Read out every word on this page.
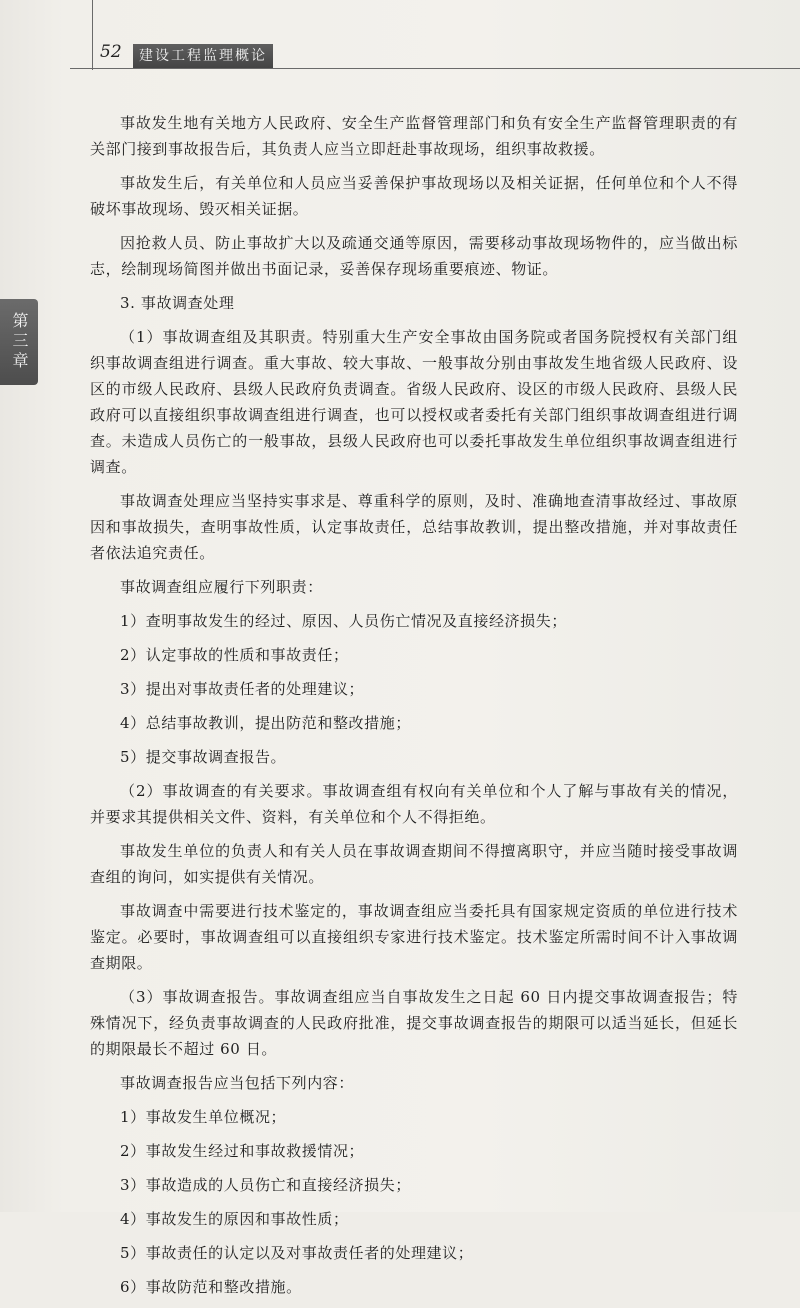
52	建设工程监理概论
第三章

事故发生地有关地方人民政府、安全生产监督管理部门和负有安全生产监督管理职责的有关部门接到事故报告后，其负责人应当立即赶赴事故现场，组织事故救援。

事故发生后，有关单位和人员应当妥善保护事故现场以及相关证据，任何单位和个人不得破坏事故现场、毁灭相关证据。

因抢救人员、防止事故扩大以及疏通交通等原因，需要移动事故现场物件的，应当做出标志，绘制现场简图并做出书面记录，妥善保存现场重要痕迹、物证。

3. 事故调查处理

（1）事故调查组及其职责。特别重大生产安全事故由国务院或者国务院授权有关部门组织事故调查组进行调查。重大事故、较大事故、一般事故分别由事故发生地省级人民政府、设区的市级人民政府、县级人民政府负责调查。省级人民政府、设区的市级人民政府、县级人民政府可以直接组织事故调查组进行调查，也可以授权或者委托有关部门组织事故调查组进行调查。未造成人员伤亡的一般事故，县级人民政府也可以委托事故发生单位组织事故调查组进行调查。

事故调查处理应当坚持实事求是、尊重科学的原则，及时、准确地查清事故经过、事故原因和事故损失，查明事故性质，认定事故责任，总结事故教训，提出整改措施，并对事故责任者依法追究责任。

事故调查组应履行下列职责：

1）查明事故发生的经过、原因、人员伤亡情况及直接经济损失；

2）认定事故的性质和事故责任；

3）提出对事故责任者的处理建议；

4）总结事故教训，提出防范和整改措施；

5）提交事故调查报告。

（2）事故调查的有关要求。事故调查组有权向有关单位和个人了解与事故有关的情况，并要求其提供相关文件、资料，有关单位和个人不得拒绝。

事故发生单位的负责人和有关人员在事故调查期间不得擅离职守，并应当随时接受事故调查组的询问，如实提供有关情况。

事故调查中需要进行技术鉴定的，事故调查组应当委托具有国家规定资质的单位进行技术鉴定。必要时，事故调查组可以直接组织专家进行技术鉴定。技术鉴定所需时间不计入事故调查期限。

（3）事故调查报告。事故调查组应当自事故发生之日起 60 日内提交事故调查报告；特殊情况下，经负责事故调查的人民政府批准，提交事故调查报告的期限可以适当延长，但延长的期限最长不超过 60 日。

事故调查报告应当包括下列内容：

1）事故发生单位概况；

2）事故发生经过和事故救援情况；

3）事故造成的人员伤亡和直接经济损失；

4）事故发生的原因和事故性质；

5）事故责任的认定以及对事故责任者的处理建议；

6）事故防范和整改措施。
